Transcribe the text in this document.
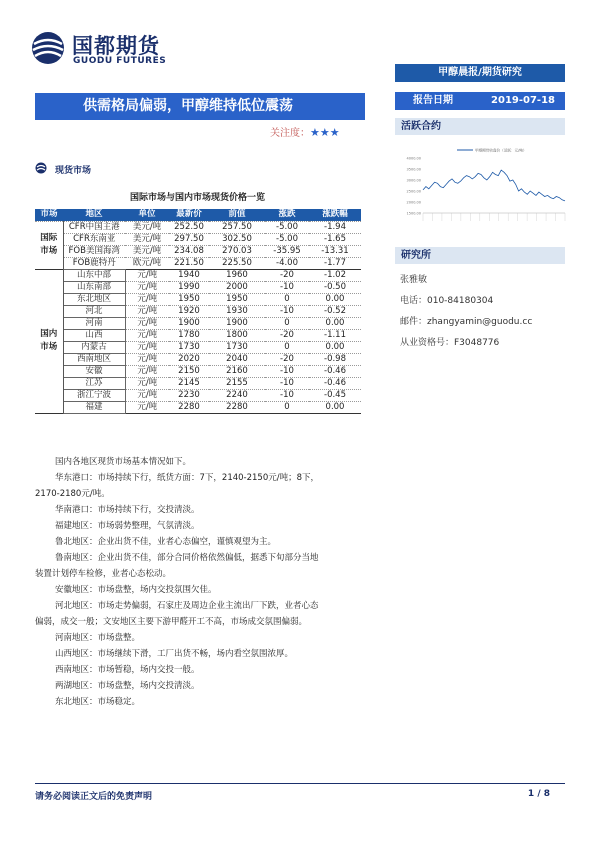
国都期货
GUODU FUTURES
甲醇晨报/期货研究
供需格局偏弱，甲醇维持低位震荡	报告日期	2019-07-18
关注度：★★★	活跃合约
1500.00
2000.00
2500.00
3000.00
3500.00
4000.00
甲醇期货收盘价（活跃：元/吨）
研究所
张雅敏
电话：010-84180304
邮件：zhangyamin@guodu.cc
从业资格号：F3048776
现货市场
国际市场与国内市场现货价格一览
市场	地区	单位	最新价	前值	涨跌	涨跌幅
国际
市场	CFR中国主港	美元/吨	252.50	257.50	-5.00	-1.94
	CFR东南亚	美元/吨	297.50	302.50	-5.00	-1.65
	FOB美国海湾	美元/吨	234.08	270.03	-35.95	-13.31
	FOB鹿特丹	欧元/吨	221.50	225.50	-4.00	-1.77
国内
市场	山东中部	元/吨	1940	1960	-20	-1.02
	山东南部	元/吨	1990	2000	-10	-0.50
	东北地区	元/吨	1950	1950	0	0.00
	河北	元/吨	1920	1930	-10	-0.52
	河南	元/吨	1900	1900	0	0.00
	山西	元/吨	1780	1800	-20	-1.11
	内蒙古	元/吨	1730	1730	0	0.00
	西南地区	元/吨	2020	2040	-20	-0.98
	安徽	元/吨	2150	2160	-10	-0.46
	江苏	元/吨	2145	2155	-10	-0.46
	浙江宁波	元/吨	2230	2240	-10	-0.45
	福建	元/吨	2280	2280	0	0.00

国内各地区现货市场基本情况如下。

华东港口：市场持续下行，纸货方面：7下，2140-2150元/吨；8下，

2170-2180元/吨。

华南港口：市场持续下行，交投清淡。

福建地区：市场弱势整理，气氛清淡。

鲁北地区：企业出货不佳，业者心态偏空，谨慎观望为主。

鲁南地区：企业出货不佳，部分合同价格依然偏低，据悉下旬部分当地

装置计划停车检修，业者心态松动。

安徽地区：市场盘整，场内交投氛围欠佳。

河北地区：市场走势偏弱，石家庄及周边企业主流出厂下跌，业者心态

偏弱，成交一般；文安地区主要下游甲醛开工不高，市场成交氛围偏弱。

河南地区：市场盘整。

山西地区：市场继续下滑，工厂出货不畅，场内看空氛围浓厚。

西南地区：市场暂稳，场内交投一般。

两湖地区：市场盘整，场内交投清淡。

东北地区：市场稳定。

请务必阅读正文后的免责声明	1 / 8
